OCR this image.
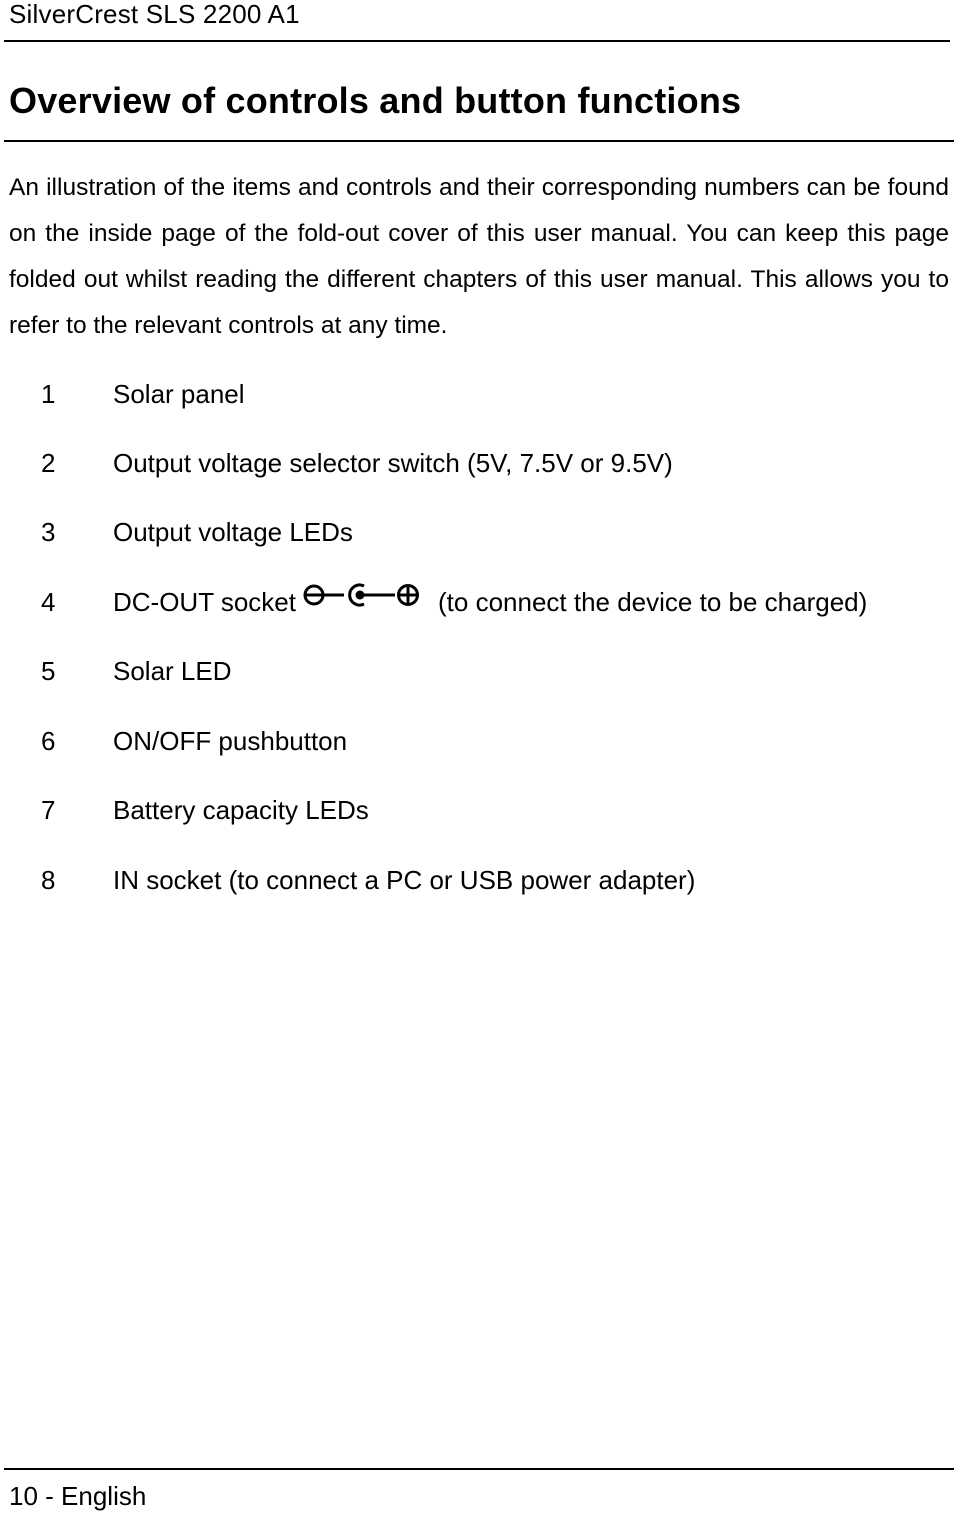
SilverCrest SLS 2200 A1
Overview of controls and button functions

An illustration of the items and controls and their corresponding numbers can be found on the inside page of the fold-out cover of this user manual. You can keep this page folded out whilst reading the different chapters of this user manual. This allows you to refer to the relevant controls at any time.

1 Solar panel
2 Output voltage selector switch (5V, 7.5V or 9.5V)
3 Output voltage LEDs
4 DC-OUT socket	(to connect the device to be charged)
5 Solar LED
6 ON/OFF pushbutton
7 Battery capacity LEDs
8 IN socket (to connect a PC or USB power adapter)
10 - English
